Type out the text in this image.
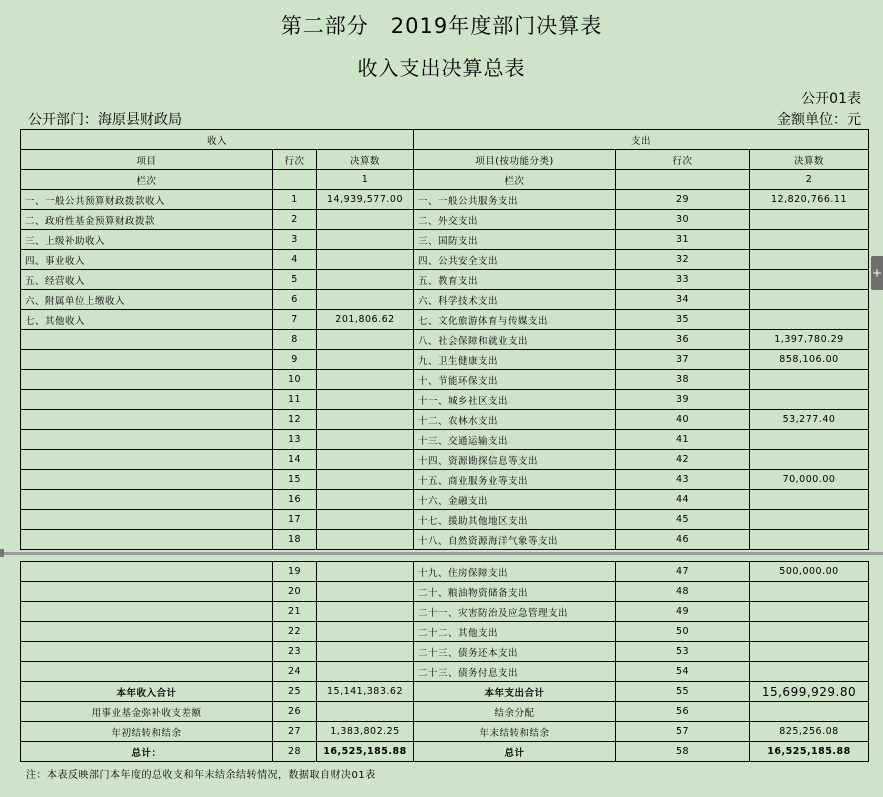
第二部分　2019年度部门决算表
收入支出决算总表
公开01表
公开部门：海原县财政局	金额单位：元
收入			支出		
项目	行次	决算数	项目(按功能分类)	行次	决算数
栏次		1	栏次		2
一、一般公共预算财政拨款收入	1	14,939,577.00	一、一般公共服务支出	29	12,820,766.11
二、政府性基金预算财政拨款	2		二、外交支出	30	
三、上级补助收入	3		三、国防支出	31	
四、事业收入	4		四、公共安全支出	32	
五、经营收入	5		五、教育支出	33	
六、附属单位上缴收入	6		六、科学技术支出	34	
七、其他收入	7	201,806.62	七、文化旅游体育与传媒支出	35	
	8		八、社会保障和就业支出	36	1,397,780.29
	9		九、卫生健康支出	37	858,106.00
	10		十、节能环保支出	38	
	11		十一、城乡社区支出	39	
	12		十二、农林水支出	40	53,277.40
	13		十三、交通运输支出	41	
	14		十四、资源勘探信息等支出	42	
	15		十五、商业服务业等支出	43	70,000.00
	16		十六、金融支出	44	
	17		十七、援助其他地区支出	45	
	18		十八、自然资源海洋气象等支出	46	
+
	19		十九、住房保障支出	47	500,000.00
	20		二十、粮油物资储备支出	48	
	21		二十一、灾害防治及应急管理支出	49	
	22		二十二、其他支出	50	
	23		二十三、债务还本支出	53	
	24		二十三、债务付息支出	54	
本年收入合计	25	15,141,383.62	本年支出合计	55	15,699,929.80
用事业基金弥补收支差额	26		结余分配	56	
年初结转和结余	27	1,383,802.25	年末结转和结余	57	825,256.08
总计：	28	16,525,185.88	总计	58	16,525,185.88
注：本表反映部门本年度的总收支和年末结余结转情况，数据取自财决01表
